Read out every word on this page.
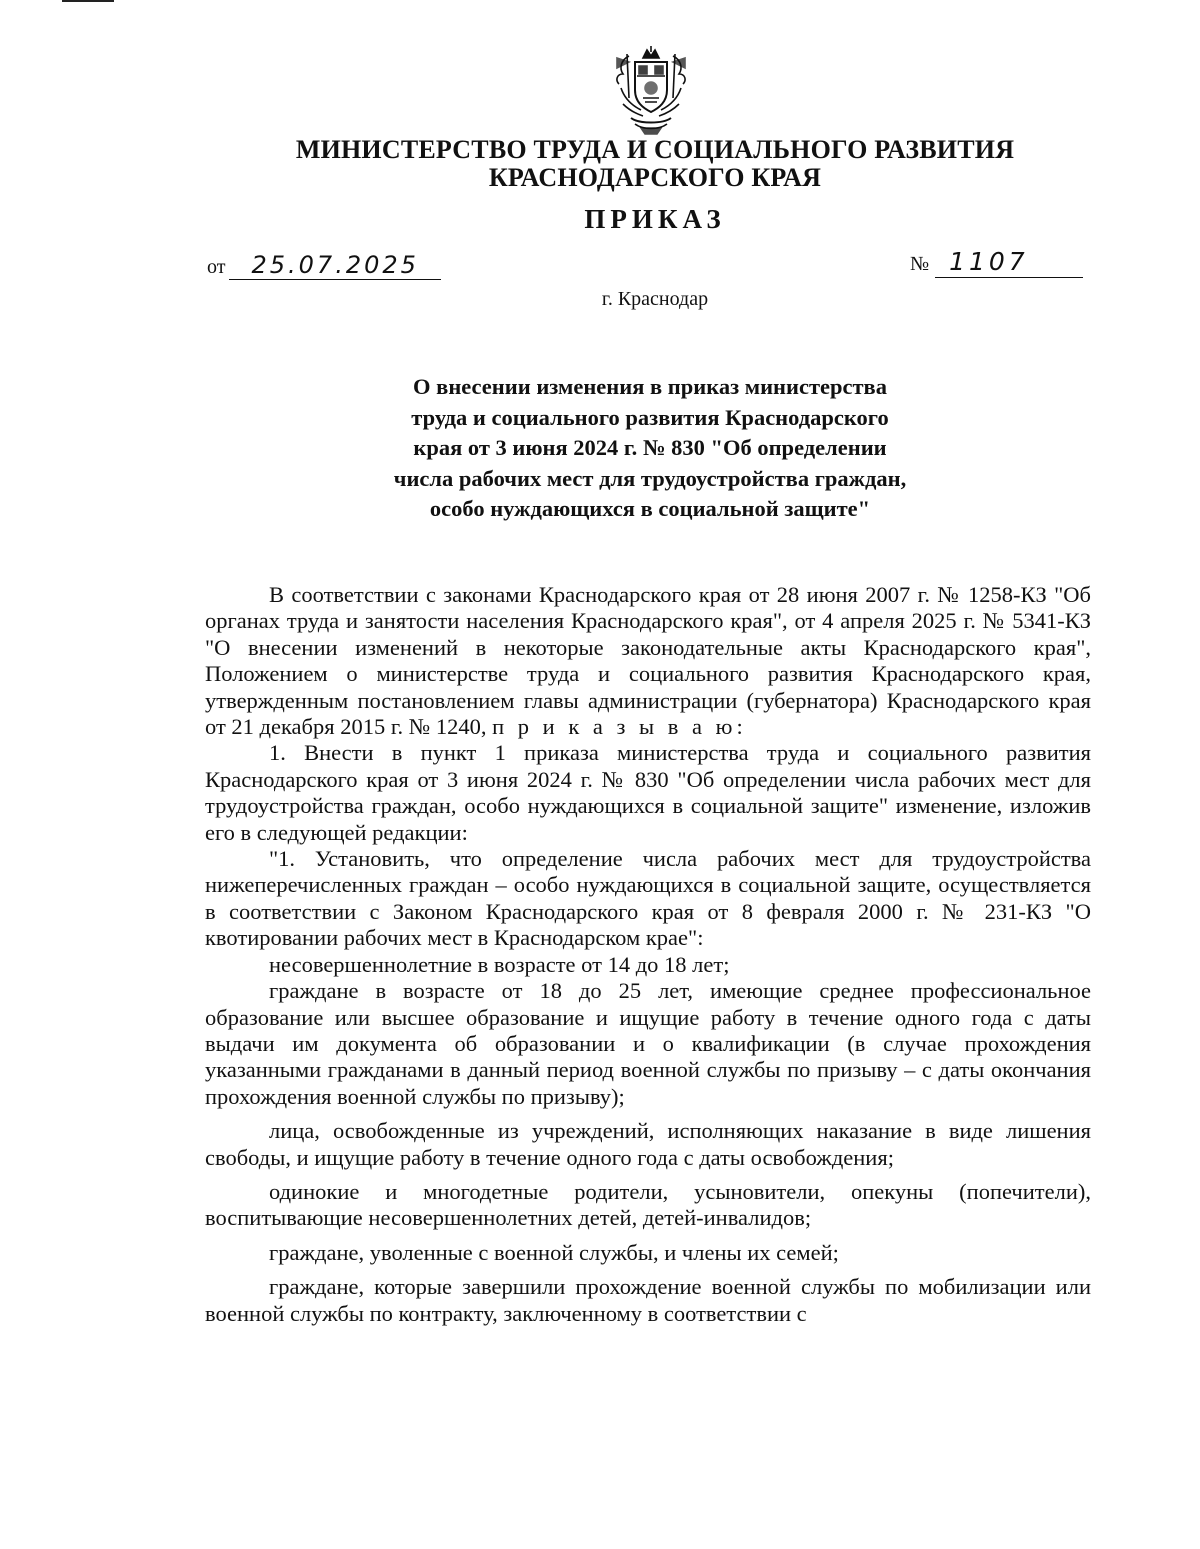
МИНИСТЕРСТВО ТРУДА И СОЦИАЛЬНОГО РАЗВИТИЯ
КРАСНОДАРСКОГО КРАЯ
ПРИКАЗ
от 25.07.2025	№ 1107
г. Краснодар
О внесении изменения в приказ министерства
труда и социального развития Краснодарского
края от 3 июня 2024 г. № 830 "Об определении
числа рабочих мест для трудоустройства граждан,
особо нуждающихся в социальной защите"

В соответствии с законами Краснодарского края от 28 июня 2007 г. № 1258-КЗ "Об органах труда и занятости населения Краснодарского края", от 4 апреля 2025 г. № 5341-КЗ "О внесении изменений в некоторые законодательные акты Краснодарского края", Положением о министерстве труда и социального развития Краснодарского края, утвержденным постановлением главы администрации (губернатора) Краснодарского края от 21 декабря 2015 г. № 1240, п р и к а з ы в а ю:

1. Внести в пункт 1 приказа министерства труда и социального развития Краснодарского края от 3 июня 2024 г. № 830 "Об определении числа рабочих мест для трудоустройства граждан, особо нуждающихся в социальной защите" изменение, изложив его в следующей редакции:

"1. Установить, что определение числа рабочих мест для трудоустройства нижеперечисленных граждан – особо нуждающихся в социальной защите, осуществляется в соответствии с Законом Краснодарского края от 8 февраля 2000 г. № 231-КЗ "О квотировании рабочих мест в Краснодарском крае":

несовершеннолетние в возрасте от 14 до 18 лет;

граждане в возрасте от 18 до 25 лет, имеющие среднее профессиональное образование или высшее образование и ищущие работу в течение одного года с даты выдачи им документа об образовании и о квалификации (в случае прохождения указанными гражданами в данный период военной службы по призыву – с даты окончания прохождения военной службы по призыву);

лица, освобожденные из учреждений, исполняющих наказание в виде лишения свободы, и ищущие работу в течение одного года с даты освобождения;

одинокие и многодетные родители, усыновители, опекуны (попечители), воспитывающие несовершеннолетних детей, детей-инвалидов;

граждане, уволенные с военной службы, и члены их семей;

граждане, которые завершили прохождение военной службы по мобилизации или военной службы по контракту, заключенному в соответствии с
